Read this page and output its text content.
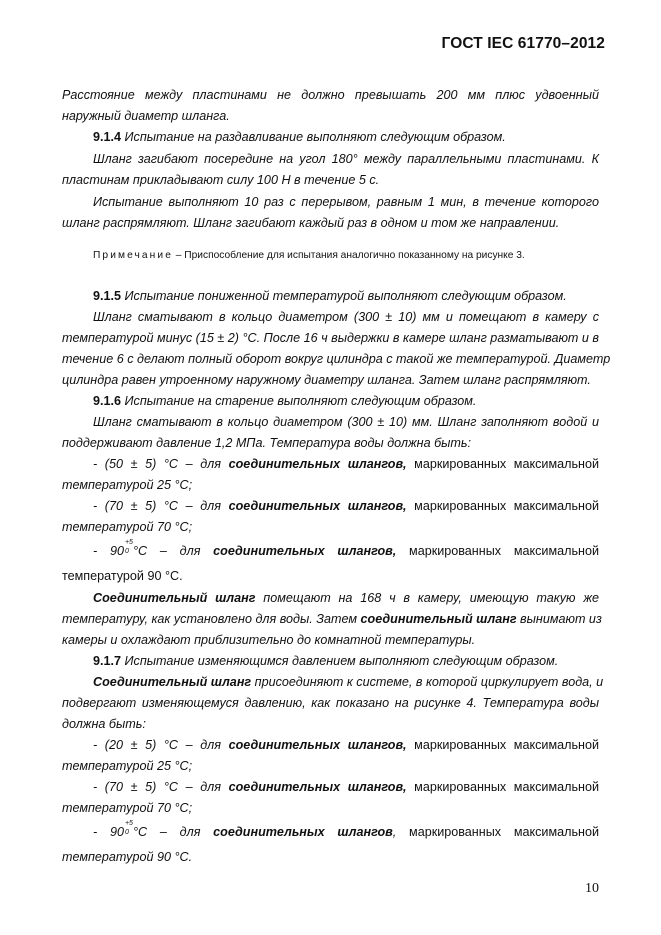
ГОСТ IEC 61770–2012
Расстояние между пластинами не должно превышать 200 мм плюс удвоенный
наружный диаметр шланга.
9.1.4 Испытание на раздавливание выполняют следующим образом.
Шланг загибают посередине на угол 180° между параллельными пластинами. К
пластинам прикладывают силу 100 Н в течение 5 с.
Испытание выполняют 10 раз с перерывом, равным 1 мин, в течение которого
шланг распрямляют. Шланг загибают каждый раз в одном и том же направлении.
Примечание – Приспособление для испытания аналогично показанному на рисунке 3.
9.1.5 Испытание пониженной температурой выполняют следующим образом.
Шланг сматывают в кольцо диаметром (300 ± 10) мм и помещают в камеру с
температурой минус (15 ± 2) °С. После 16 ч выдержки в камере шланг разматывают и в
течение 6 с делают полный оборот вокруг цилиндра с такой же температурой. Диаметр
цилиндра равен утроенному наружному диаметру шланга. Затем шланг распрямляют.
9.1.6 Испытание на старение выполняют следующим образом.
Шланг сматывают в кольцо диаметром (300 ± 10) мм. Шланг заполняют водой и
поддерживают давление 1,2 МПа. Температура воды должна быть:
- (50 ± 5) °С – для соединительных шлангов, маркированных максимальной
температурой 25 °С;
- (70 ± 5) °С – для соединительных шлангов, маркированных максимальной
температурой 70 °С;
- 90
+5
0 °С – для соединительных шлангов, маркированных максимальной
температурой 90 °С.
Соединительный шланг помещают на 168 ч в камеру, имеющую такую же
температуру, как установлено для воды. Затем соединительный шланг вынимают из
камеры и охлаждают приблизительно до комнатной температуры.
9.1.7 Испытание изменяющимся давлением выполняют следующим образом.
Соединительный шланг присоединяют к системе, в которой циркулирует вода, и
подвергают изменяющемуся давлению, как показано на рисунке 4. Температура воды
должна быть:
- (20 ± 5) °С – для соединительных шлангов, маркированных максимальной
температурой 25 °С;
- (70 ± 5) °С – для соединительных шлангов, маркированных максимальной
температурой 70 °С;
- 90
+5
0 °С – для соединительных шлангов, маркированных максимальной
температурой 90 °С.
10
